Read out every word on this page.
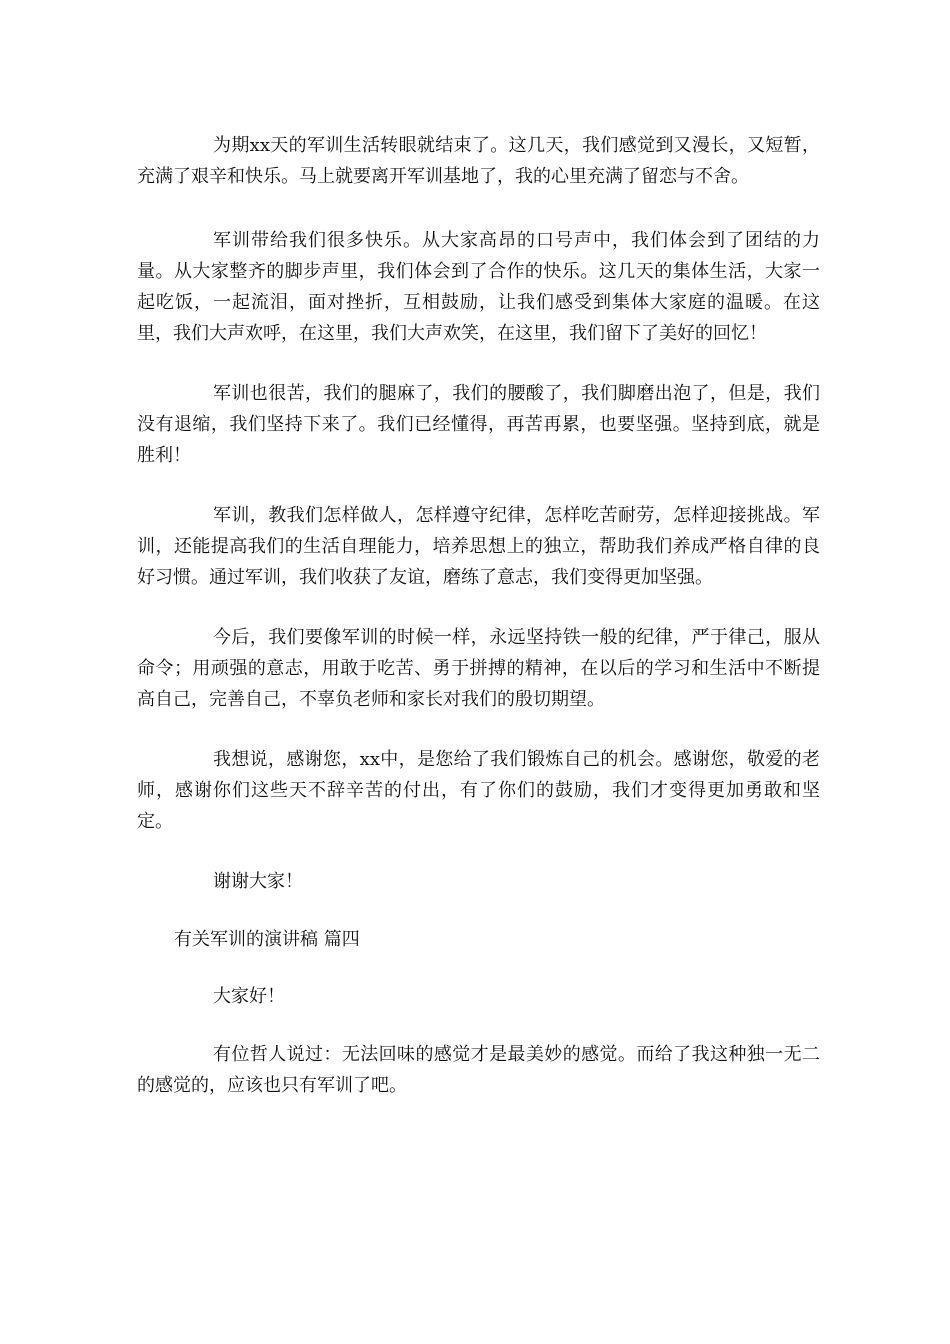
为期xx天的军训生活转眼就结束了。这几天，我们感觉到又漫长，又短暂，充满了艰辛和快乐。马上就要离开军训基地了，我的心里充满了留恋与不舍。

军训带给我们很多快乐。从大家高昂的口号声中，我们体会到了团结的力量。从大家整齐的脚步声里，我们体会到了合作的快乐。这几天的集体生活，大家一起吃饭，一起流泪，面对挫折，互相鼓励，让我们感受到集体大家庭的温暖。在这里，我们大声欢呼，在这里，我们大声欢笑，在这里，我们留下了美好的回忆！

军训也很苦，我们的腿麻了，我们的腰酸了，我们脚磨出泡了，但是，我们没有退缩，我们坚持下来了。我们已经懂得，再苦再累，也要坚强。坚持到底，就是胜利！

军训，教我们怎样做人，怎样遵守纪律，怎样吃苦耐劳，怎样迎接挑战。军训，还能提高我们的生活自理能力，培养思想上的独立，帮助我们养成严格自律的良好习惯。通过军训，我们收获了友谊，磨练了意志，我们变得更加坚强。

今后，我们要像军训的时候一样，永远坚持铁一般的纪律，严于律己，服从命令；用顽强的意志，用敢于吃苦、勇于拼搏的精神，在以后的学习和生活中不断提高自己，完善自己，不辜负老师和家长对我们的殷切期望。

我想说，感谢您，xx中，是您给了我们锻炼自己的机会。感谢您，敬爱的老师，感谢你们这些天不辞辛苦的付出，有了你们的鼓励，我们才变得更加勇敢和坚定。

谢谢大家！

有关军训的演讲稿 篇四

大家好！

有位哲人说过：无法回味的感觉才是最美妙的感觉。而给了我这种独一无二的感觉的，应该也只有军训了吧。
